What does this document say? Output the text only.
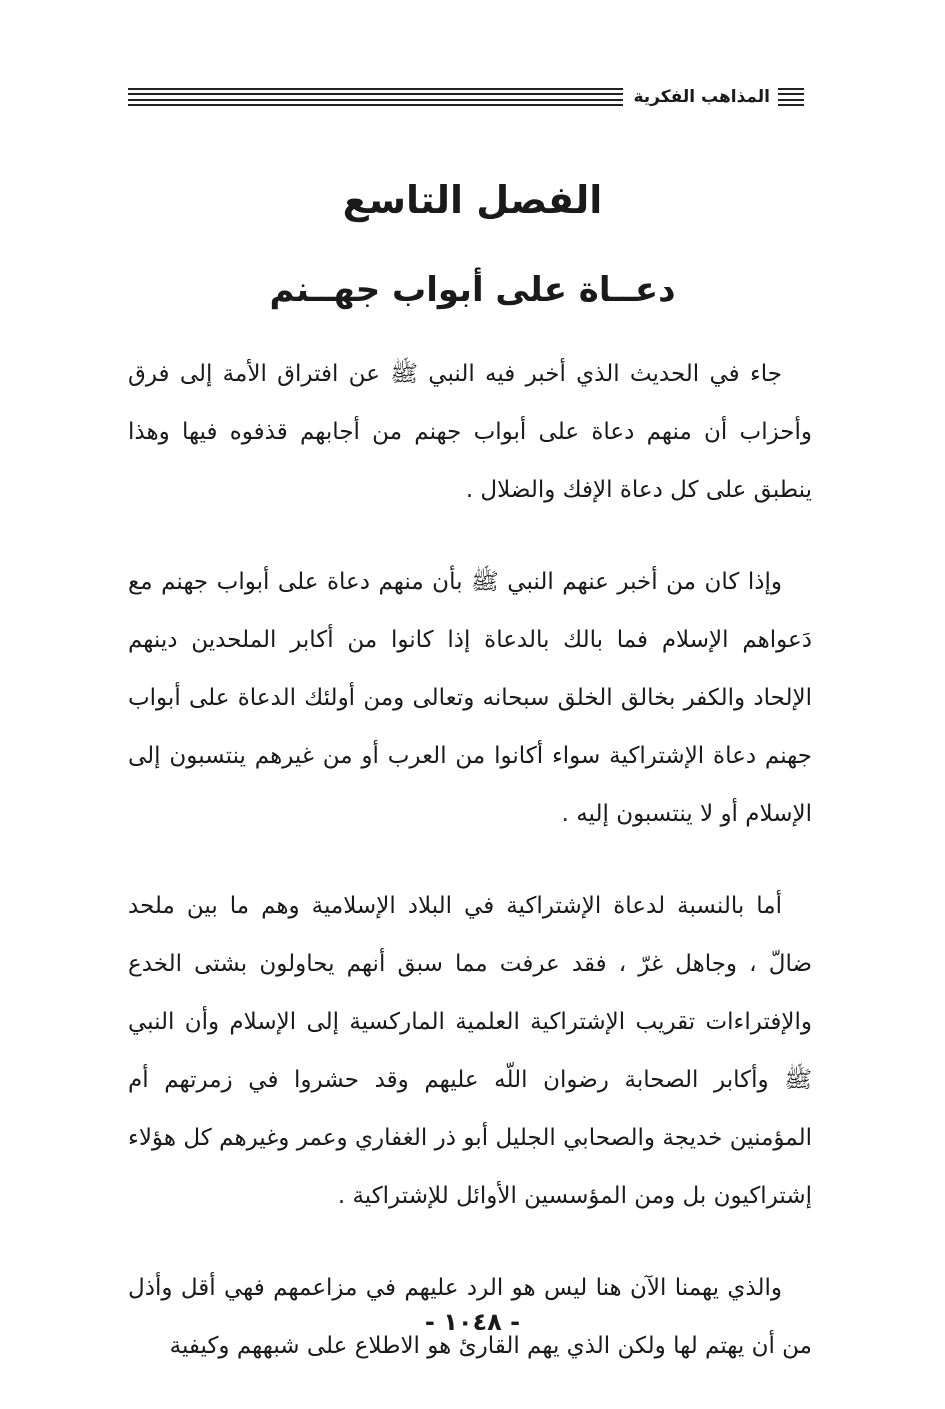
المذاهب الفكرية
الفصل التاسع
دعــاة على أبواب جهــنم

جاء في الحديث الذي أخبر فيه النبي ﷺ عن افتراق الأمة إلى فرق وأحزاب أن منهم دعاة على أبواب جهنم من أجابهم قذفوه فيها وهذا ينطبق على كل دعاة الإفك والضلال .

وإذا كان من أخبر عنهم النبي ﷺ بأن منهم دعاة على أبواب جهنم مع دَعواهم الإسلام فما بالك بالدعاة إذا كانوا من أكابر الملحدين دينهم الإلحاد والكفر بخالق الخلق سبحانه وتعالى ومن أولئك الدعاة على أبواب جهنم دعاة الإشتراكية سواء أكانوا من العرب أو من غيرهم ينتسبون إلى الإسلام أو لا ينتسبون إليه .

أما بالنسبة لدعاة الإشتراكية في البلاد الإسلامية وهم ما بين ملحد ضالّ ، وجاهل غرّ ، فقد عرفت مما سبق أنهم يحاولون بشتى الخدع والإفتراءات تقريب الإشتراكية العلمية الماركسية إلى الإسلام وأن النبي ﷺ وأكابر الصحابة رضوان اللّه عليهم وقد حشروا في زمرتهم أم المؤمنين خديجة والصحابي الجليل أبو ذر الغفاري وعمر وغيرهم كل هؤلاء إشتراكيون بل ومن المؤسسين الأوائل للإشتراكية .

والذي يهمنا الآن هنا ليس هو الرد عليهم في مزاعمهم فهي أقل وأذل من أن يهتم لها ولكن الذي يهم القارئ هو الاطلاع على شبههم وكيفية

- ١٠٤٨ -
